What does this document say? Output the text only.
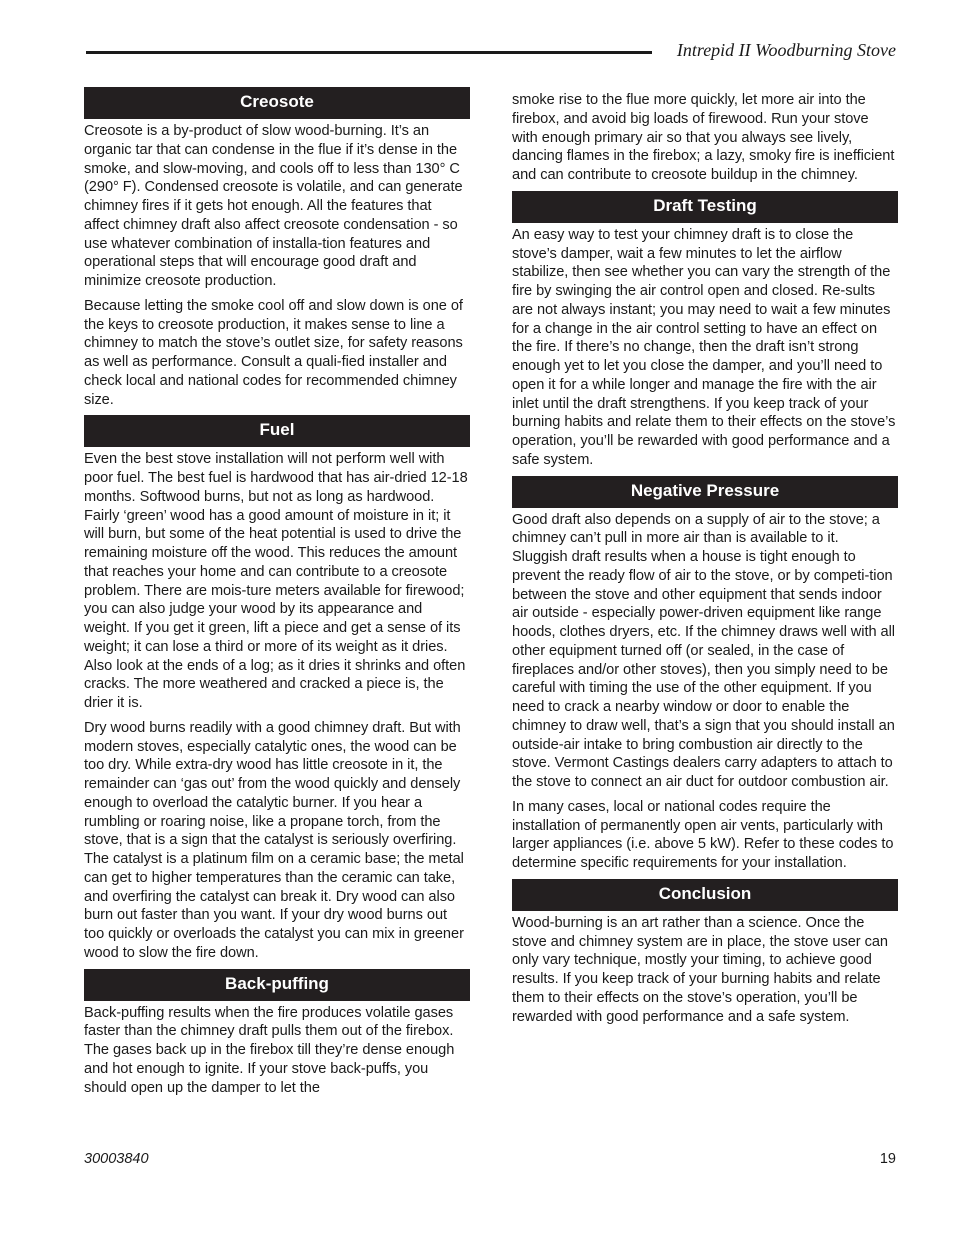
Intrepid II Woodburning Stove
Creosote

Creosote is a by-product of slow wood-burning. It’s an organic tar that can condense in the flue if it’s dense in the smoke, and slow-moving, and cools off to less than 130° C (290° F). Condensed creosote is volatile, and can generate chimney fires if it gets hot enough. All the features that affect chimney draft also affect creosote condensation - so use whatever combination of installa-tion features and operational steps that will encourage good draft and minimize creosote production.

Because letting the smoke cool off and slow down is one of the keys to creosote production, it makes sense to line a chimney to match the stove’s outlet size, for safety reasons as well as performance. Consult a quali-fied installer and check local and national codes for recommended chimney size.

Fuel

Even the best stove installation will not perform well with poor fuel. The best fuel is hardwood that has air-dried 12-18 months. Softwood burns, but not as long as hardwood. Fairly ‘green’ wood has a good amount of moisture in it; it will burn, but some of the heat potential is used to drive the remaining moisture off the wood. This reduces the amount that reaches your home and can contribute to a creosote problem. There are mois-ture meters available for firewood; you can also judge your wood by its appearance and weight. If you get it green, lift a piece and get a sense of its weight; it can lose a third or more of its weight as it dries. Also look at the ends of a log; as it dries it shrinks and often cracks. The more weathered and cracked a piece is, the drier it is.

Dry wood burns readily with a good chimney draft. But with modern stoves, especially catalytic ones, the wood can be too dry. While extra-dry wood has little creosote in it, the remainder can ‘gas out’ from the wood quickly and densely enough to overload the catalytic burner. If you hear a rumbling or roaring noise, like a propane torch, from the stove, that is a sign that the catalyst is seriously overfiring. The catalyst is a platinum film on a ceramic base; the metal can get to higher temperatures than the ceramic can take, and overfiring the catalyst can break it. Dry wood can also burn out faster than you want. If your dry wood burns out too quickly or overloads the catalyst you can mix in greener wood to slow the fire down.

Back-puffing

Back-puffing results when the fire produces volatile gases faster than the chimney draft pulls them out of the firebox. The gases back up in the firebox till they’re dense enough and hot enough to ignite. If your stove back-puffs, you should open up the damper to let the

smoke rise to the flue more quickly, let more air into the firebox, and avoid big loads of firewood. Run your stove with enough primary air so that you always see lively, dancing flames in the firebox; a lazy, smoky fire is inefficient and can contribute to creosote buildup in the chimney.

Draft Testing

An easy way to test your chimney draft is to close the stove’s damper, wait a few minutes to let the airflow stabilize, then see whether you can vary the strength of the fire by swinging the air control open and closed. Re-sults are not always instant; you may need to wait a few minutes for a change in the air control setting to have an effect on the fire. If there’s no change, then the draft isn’t strong enough yet to let you close the damper, and you’ll need to open it for a while longer and manage the fire with the air inlet until the draft strengthens. If you keep track of your burning habits and relate them to their effects on the stove’s operation, you’ll be rewarded with good performance and a safe system.

Negative Pressure

Good draft also depends on a supply of air to the stove; a chimney can’t pull in more air than is available to it. Sluggish draft results when a house is tight enough to prevent the ready flow of air to the stove, or by competi-tion between the stove and other equipment that sends indoor air outside - especially power-driven equipment like range hoods, clothes dryers, etc. If the chimney draws well with all other equipment turned off (or sealed, in the case of fireplaces and/or other stoves), then you simply need to be careful with timing the use of the other equipment. If you need to crack a nearby window or door to enable the chimney to draw well, that’s a sign that you should install an outside-air intake to bring combustion air directly to the stove. Vermont Castings dealers carry adapters to attach to the stove to connect an air duct for outdoor combustion air.

In many cases, local or national codes require the installation of permanently open air vents, particularly with larger appliances (i.e. above 5 kW). Refer to these codes to determine specific requirements for your installation.

Conclusion

Wood-burning is an art rather than a science. Once the stove and chimney system are in place, the stove user can only vary technique, mostly your timing, to achieve good results. If you keep track of your burning habits and relate them to their effects on the stove’s operation, you’ll be rewarded with good performance and a safe system.

30003840	19
